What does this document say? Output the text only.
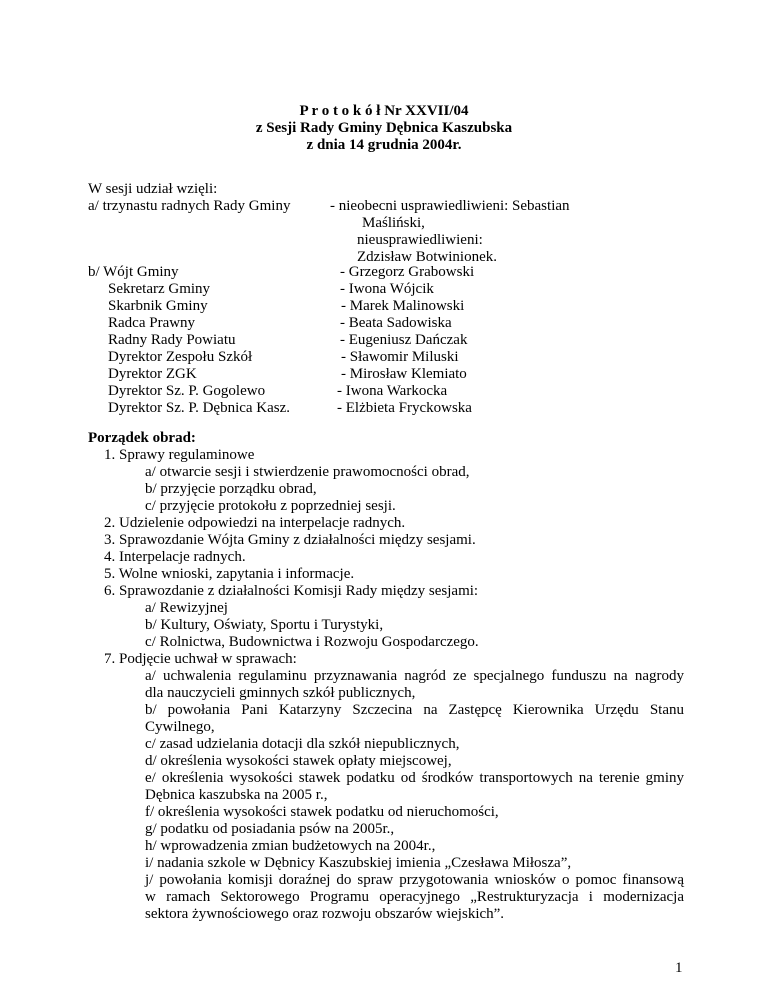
P r o t o k ó ł Nr XXVII/04
z Sesji Rady Gminy Dębnica Kaszubska
z dnia 14 grudnia 2004r.
W sesji udział wzięli:
a/ trzynastu radnych Rady Gminy	- nieobecni usprawiedliwieni: Sebastian
Maśliński,
nieusprawiedliwieni:
Zdzisław Botwinionek.
b/ Wójt Gminy
Sekretarz Gminy
Skarbnik Gminy
Radca Prawny
Radny Rady Powiatu
Dyrektor Zespołu Szkół
Dyrektor ZGK
Dyrektor Sz. P. Gogolewo
Dyrektor Sz. P. Dębnica Kasz.
- Grzegorz Grabowski
- Iwona Wójcik
- Marek Malinowski
- Beata Sadowiska
- Eugeniusz Dańczak
- Sławomir Miluski
- Mirosław Klemiato
- Iwona Warkocka
- Elżbieta Fryckowska
Porządek obrad:
1. Sprawy regulaminowe
a/ otwarcie sesji i stwierdzenie prawomocności obrad,
b/ przyjęcie porządku obrad,
c/ przyjęcie protokołu z poprzedniej sesji.
2. Udzielenie odpowiedzi na interpelacje radnych.
3. Sprawozdanie Wójta Gminy z działalności między sesjami.
4. Interpelacje radnych.
5. Wolne wnioski, zapytania i informacje.
6. Sprawozdanie z działalności Komisji Rady między sesjami:
a/ Rewizyjnej
b/ Kultury, Oświaty, Sportu i Turystyki,
c/ Rolnictwa, Budownictwa i Rozwoju Gospodarczego.
7. Podjęcie uchwał w sprawach:
a/ uchwalenia regulaminu przyznawania nagród ze specjalnego funduszu na nagrody
dla nauczycieli gminnych szkół publicznych,
b/ powołania Pani Katarzyny Szczecina na Zastępcę Kierownika Urzędu Stanu
Cywilnego,
c/ zasad udzielania dotacji dla szkół niepublicznych,
d/ określenia wysokości stawek opłaty miejscowej,
e/ określenia wysokości stawek podatku od środków transportowych na terenie gminy
Dębnica kaszubska na 2005 r.,
f/ określenia wysokości stawek podatku od nieruchomości,
g/ podatku od posiadania psów na 2005r.,
h/ wprowadzenia zmian budżetowych na 2004r.,
i/ nadania szkole w Dębnicy Kaszubskiej imienia „Czesława Miłosza”,
j/ powołania komisji doraźnej do spraw przygotowania wniosków o pomoc finansową
w ramach Sektorowego Programu operacyjnego „Restrukturyzacja i modernizacja
sektora żywnościowego oraz rozwoju obszarów wiejskich”.
1
